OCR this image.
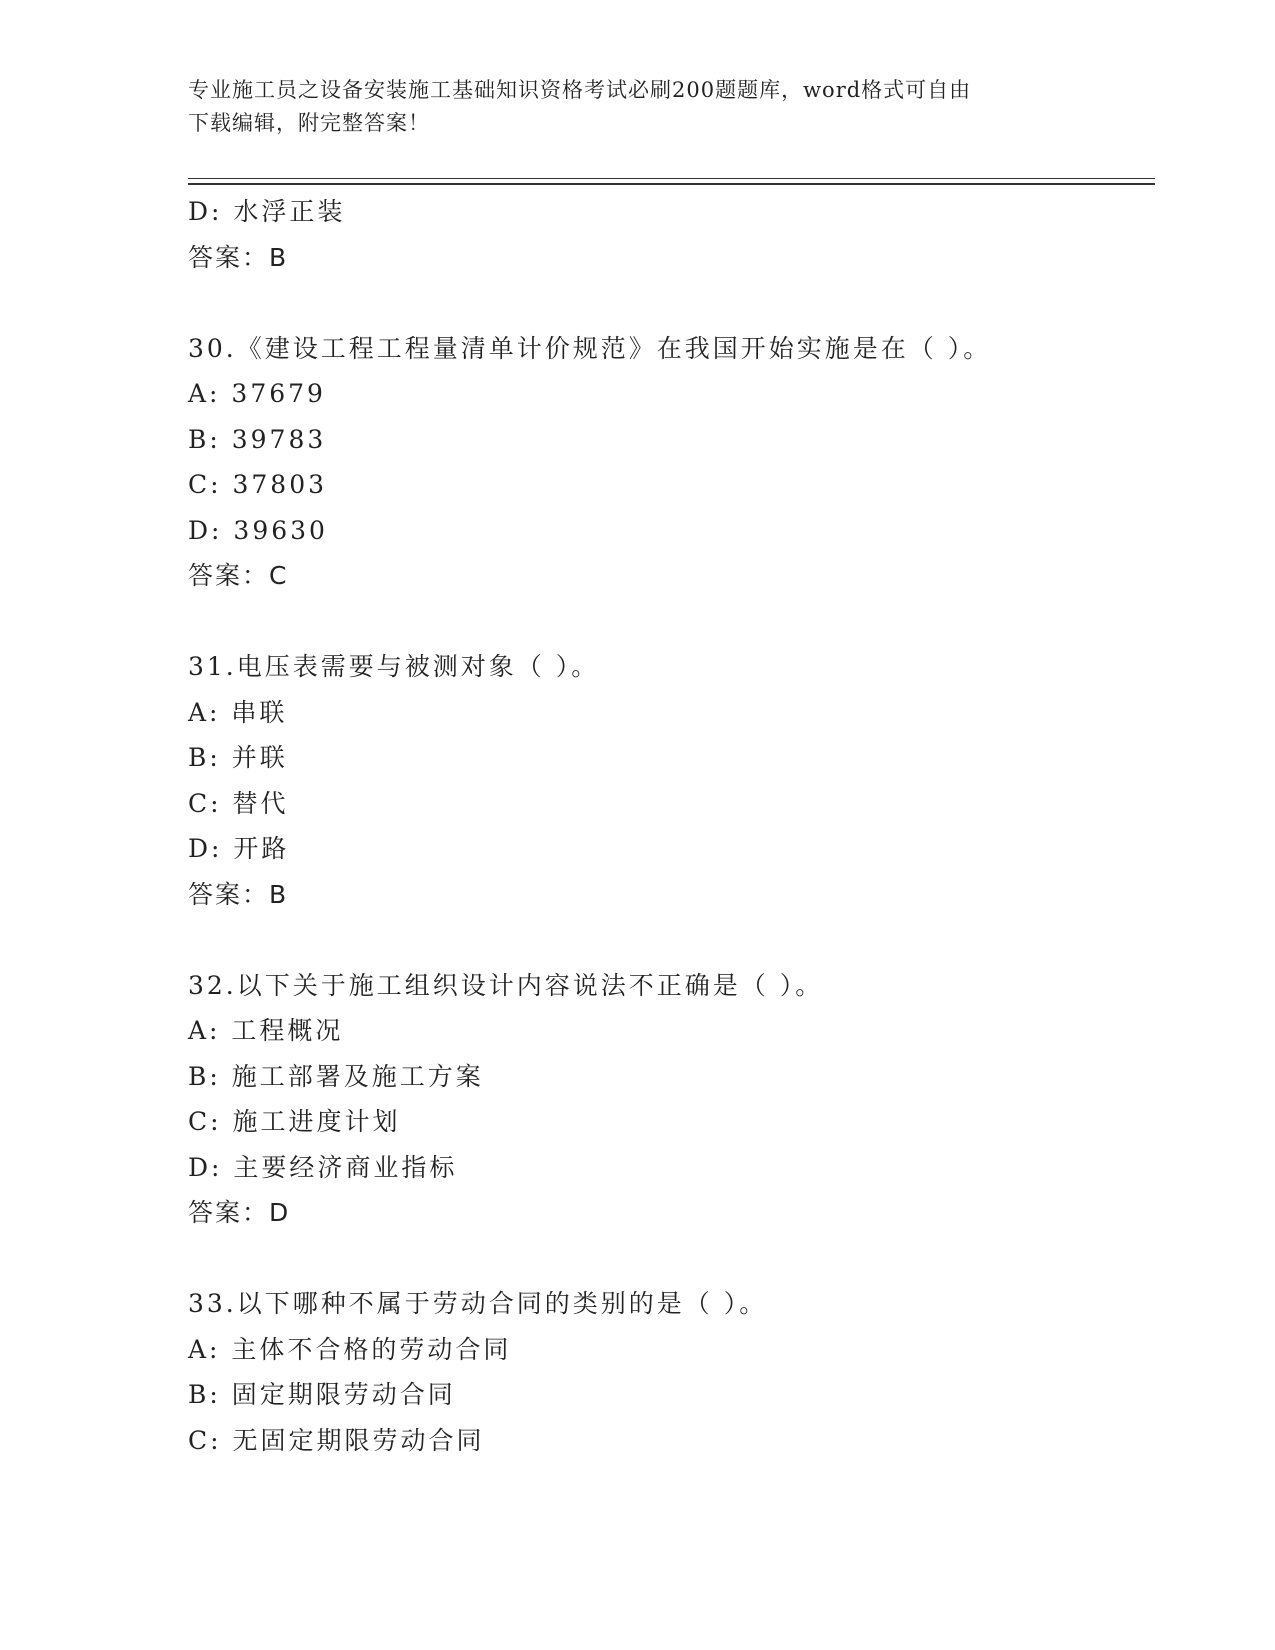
专业施工员之设备安装施工基础知识资格考试必刷200题题库，word格式可自由
下载编辑，附完整答案！
D: 水浮正装
答案：B
30.《建设工程工程量清单计价规范》在我国开始实施是在（ ）。
A: 37679
B: 39783
C: 37803
D: 39630
答案：C
31.电压表需要与被测对象（ ）。
A: 串联
B: 并联
C: 替代
D: 开路
答案：B
32.以下关于施工组织设计内容说法不正确是（ ）。
A: 工程概况
B: 施工部署及施工方案
C: 施工进度计划
D: 主要经济商业指标
答案：D
33.以下哪种不属于劳动合同的类别的是（ ）。
A: 主体不合格的劳动合同
B: 固定期限劳动合同
C: 无固定期限劳动合同
